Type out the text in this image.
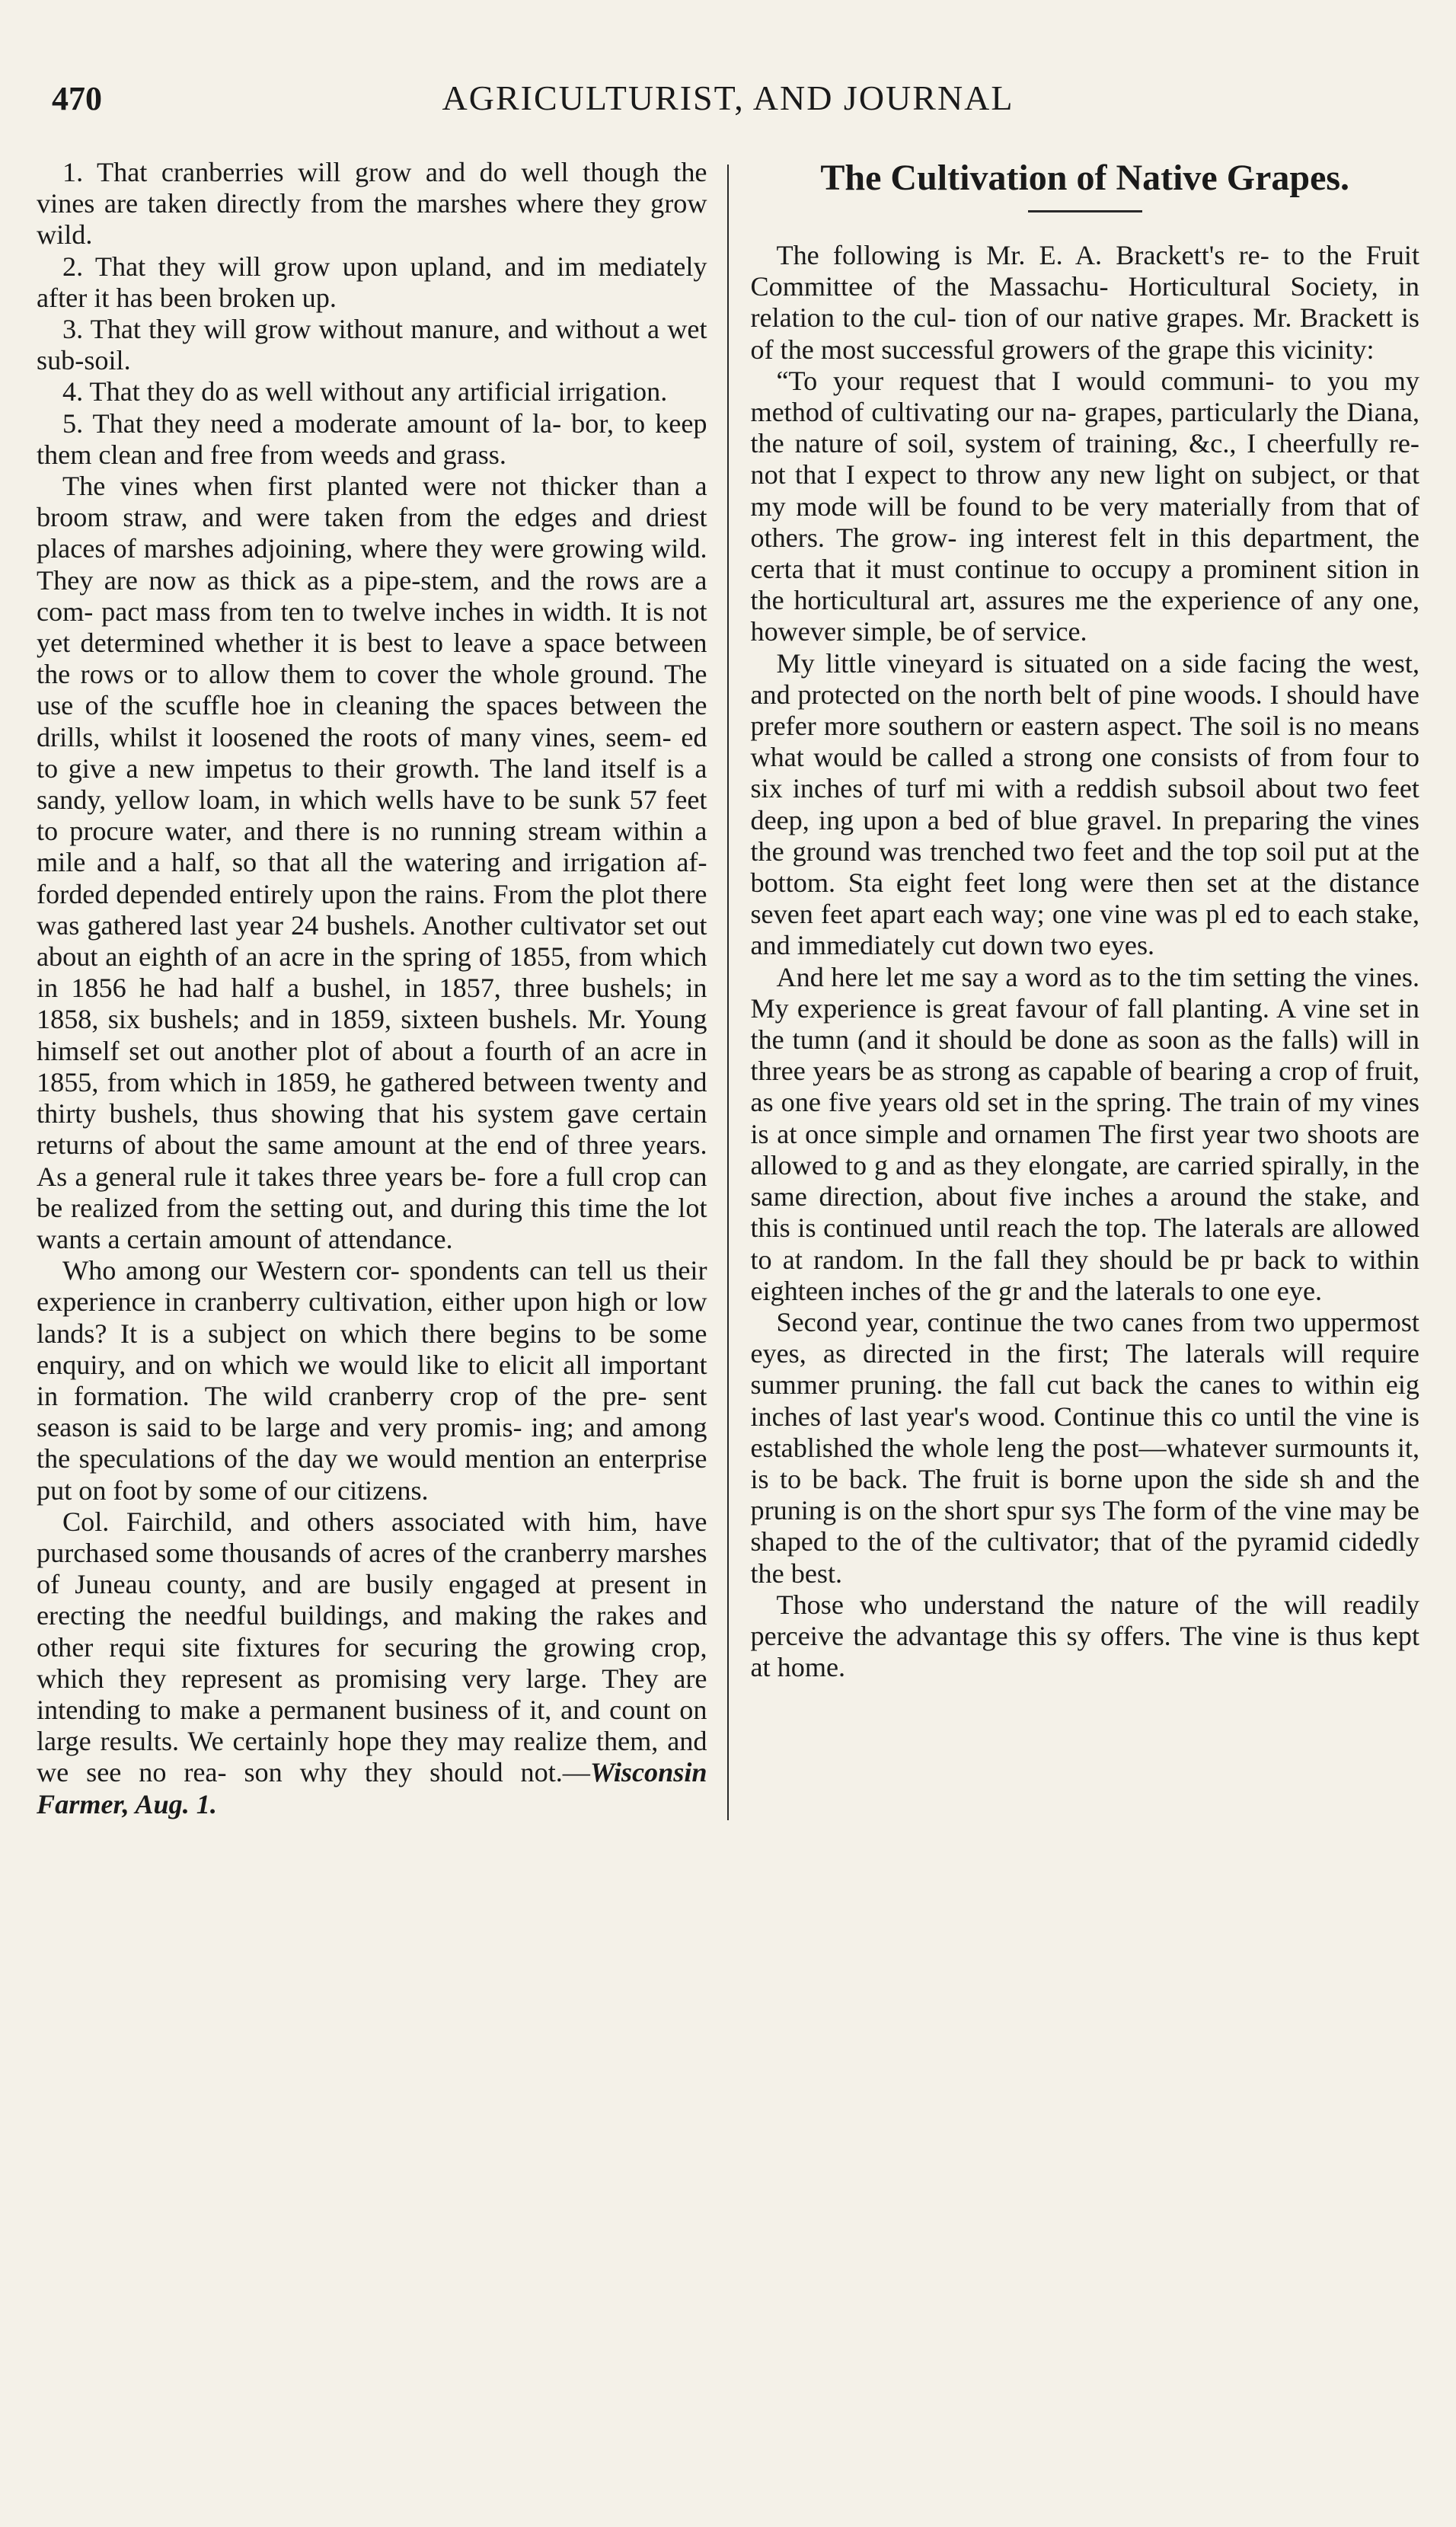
470	AGRICULTURIST, AND JOURNAL

1. That cranberries will grow and do well though the vines are taken directly from the marshes where they grow wild.

2. That they will grow upon upland, and im mediately after it has been broken up.

3. That they will grow without manure, and without a wet sub-soil.

4. That they do as well without any artificial irrigation.

5. That they need a moderate amount of la- bor, to keep them clean and free from weeds and grass.

The vines when first planted were not thicker than a broom straw, and were taken from the edges and driest places of marshes adjoining, where they were growing wild. They are now as thick as a pipe-stem, and the rows are a com- pact mass from ten to twelve inches in width. It is not yet determined whether it is best to leave a space between the rows or to allow them to cover the whole ground. The use of the scuffle hoe in cleaning the spaces between the drills, whilst it loosened the roots of many vines, seem- ed to give a new impetus to their growth. The land itself is a sandy, yellow loam, in which wells have to be sunk 57 feet to procure water, and there is no running stream within a mile and a half, so that all the watering and irrigation af- forded depended entirely upon the rains. From the plot there was gathered last year 24 bushels. Another cultivator set out about an eighth of an acre in the spring of 1855, from which in 1856 he had half a bushel, in 1857, three bushels; in 1858, six bushels; and in 1859, sixteen bushels. Mr. Young himself set out another plot of about a fourth of an acre in 1855, from which in 1859, he gathered between twenty and thirty bushels, thus showing that his system gave certain returns of about the same amount at the end of three years. As a general rule it takes three years be- fore a full crop can be realized from the setting out, and during this time the lot wants a certain amount of attendance.

Who among our Western cor- spondents can tell us their experience in cranberry cultivation, either upon high or low lands? It is a subject on which there begins to be some enquiry, and on which we would like to elicit all important in formation. The wild cranberry crop of the pre- sent season is said to be large and very promis- ing; and among the speculations of the day we would mention an enterprise put on foot by some of our citizens.

Col. Fairchild, and others associated with him, have purchased some thousands of acres of the cranberry marshes of Juneau county, and are busily engaged at present in erecting the needful buildings, and making the rakes and other requi site fixtures for securing the growing crop, which they represent as promising very large. They are intending to make a permanent business of it, and count on large results. We certainly hope they may realize them, and we see no rea- son why they should not.—Wisconsin Farmer, Aug. 1.

The Cultivation of Native Grapes.

The following is Mr. E. A. Brackett's re- to the Fruit Committee of the Massachu- Horticultural Society, in relation to the cul- tion of our native grapes. Mr. Brackett is of the most successful growers of the grape this vicinity:

“To your request that I would communi- to you my method of cultivating our na- grapes, particularly the Diana, the nature of soil, system of training, &c., I cheerfully re- not that I expect to throw any new light on subject, or that my mode will be found to be very materially from that of others. The grow- ing interest felt in this department, the certa that it must continue to occupy a prominent sition in the horticultural art, assures me the experience of any one, however simple, be of service.

My little vineyard is situated on a side facing the west, and protected on the north belt of pine woods. I should have prefer more southern or eastern aspect. The soil is no means what would be called a strong one consists of from four to six inches of turf mi with a reddish subsoil about two feet deep, ing upon a bed of blue gravel. In preparing the vines the ground was trenched two feet and the top soil put at the bottom. Sta eight feet long were then set at the distance seven feet apart each way; one vine was pl ed to each stake, and immediately cut down two eyes.

And here let me say a word as to the tim setting the vines. My experience is great favour of fall planting. A vine set in the tumn (and it should be done as soon as the falls) will in three years be as strong as capable of bearing a crop of fruit, as one five years old set in the spring. The train of my vines is at once simple and ornamen The first year two shoots are allowed to g and as they elongate, are carried spirally, in the same direction, about five inches a around the stake, and this is continued until reach the top. The laterals are allowed to at random. In the fall they should be pr back to within eighteen inches of the gr and the laterals to one eye.

Second year, continue the two canes from two uppermost eyes, as directed in the first; The laterals will require summer pruning. the fall cut back the canes to within eig inches of last year's wood. Continue this co until the vine is established the whole leng the post—whatever surmounts it, is to be back. The fruit is borne upon the side sh and the pruning is on the short spur sys The form of the vine may be shaped to the of the cultivator; that of the pyramid cidedly the best.

Those who understand the nature of the will readily perceive the advantage this sy offers. The vine is thus kept at home.
